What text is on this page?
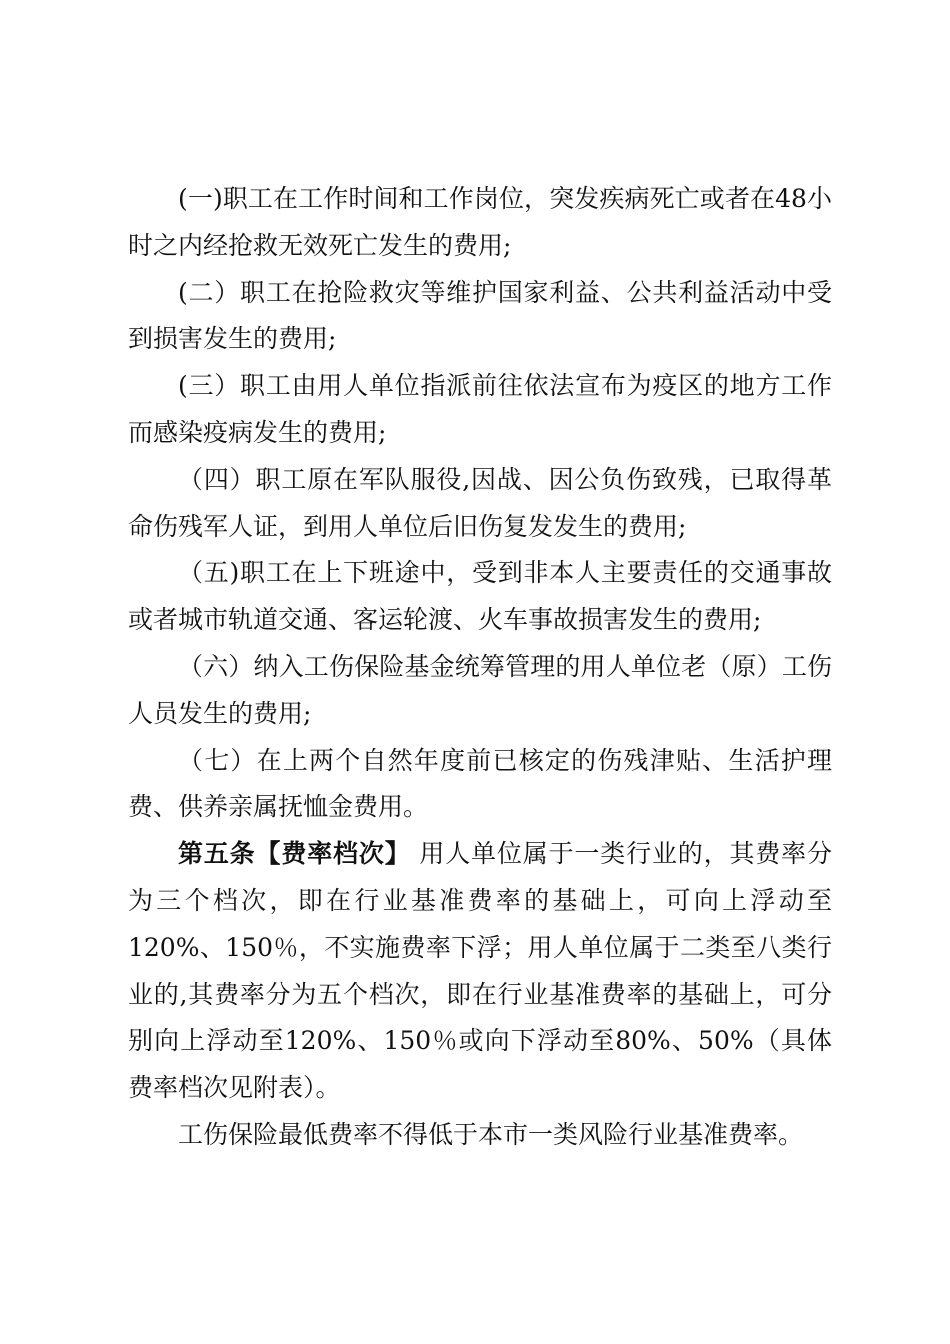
(一)职工在工作时间和工作岗位，突发疾病死亡或者在48小时之内经抢救无效死亡发生的费用;

(二）职工在抢险救灾等维护国家利益、公共利益活动中受到损害发生的费用;

(三）职工由用人单位指派前往依法宣布为疫区的地方工作而感染疫病发生的费用;

（四）职工原在军队服役,因战、因公负伤致残，已取得革命伤残军人证，到用人单位后旧伤复发发生的费用;

（五)职工在上下班途中，受到非本人主要责任的交通事故或者城市轨道交通、客运轮渡、火车事故损害发生的费用;

（六）纳入工伤保险基金统筹管理的用人单位老（原）工伤人员发生的费用;

（七）在上两个自然年度前已核定的伤残津贴、生活护理费、供养亲属抚恤金费用。

第五条【费率档次】 用人单位属于一类行业的，其费率分为三个档次，即在行业基准费率的基础上，可向上浮动至120%、150％，不实施费率下浮；用人单位属于二类至八类行业的,其费率分为五个档次，即在行业基准费率的基础上，可分别向上浮动至120%、150％或向下浮动至80%、50%（具体费率档次见附表）。

工伤保险最低费率不得低于本市一类风险行业基准费率。
